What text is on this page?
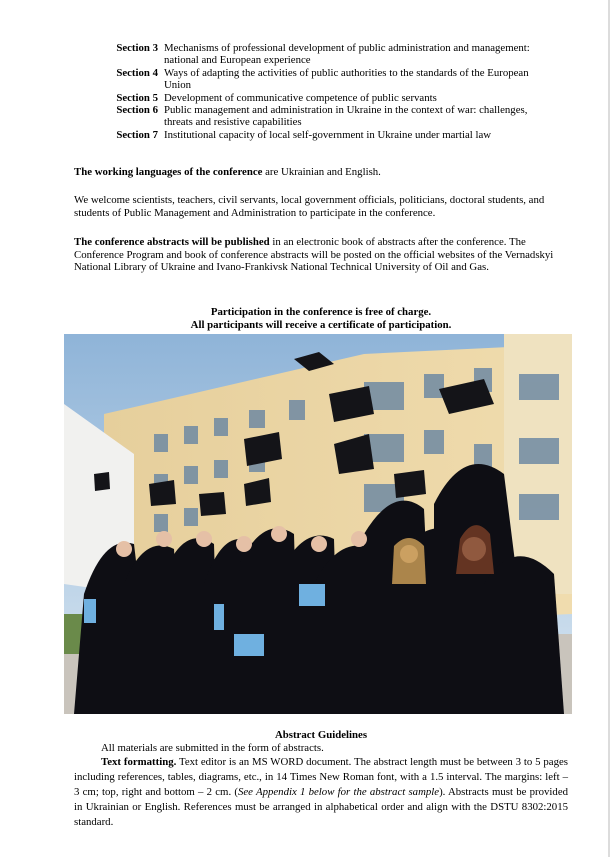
Section 3 Mechanisms of professional development of public administration and management: national and European experience
Section 4 Ways of adapting the activities of public authorities to the standards of the European Union
Section 5 Development of communicative competence of public servants
Section 6 Public management and administration in Ukraine in the context of war: challenges, threats and resistive capabilities
Section 7 Institutional capacity of local self-government in Ukraine under martial law

The working languages of the conference are Ukrainian and English.

We welcome scientists, teachers, civil servants, local government officials, politicians, doctoral students, and students of Public Management and Administration to participate in the conference.

The conference abstracts will be published in an electronic book of abstracts after the conference. The Conference Program and book of conference abstracts will be posted on the official websites of the Vernadskyi National Library of Ukraine and Ivano-Frankivsk National Technical University of Oil and Gas.

Participation in the conference is free of charge.
All participants will receive a certificate of participation.
Abstract Guidelines

All materials are submitted in the form of abstracts.

Text formatting. Text editor is an MS WORD document. The abstract length must be between 3 to 5 pages including references, tables, diagrams, etc., in 14 Times New Roman font, with a 1.5 interval. The margins: left – 3 cm; top, right and bottom – 2 cm. (See Appendix 1 below for the abstract sample). Abstracts must be provided in Ukrainian or English. References must be arranged in alphabetical order and align with the DSTU 8302:2015 standard.
